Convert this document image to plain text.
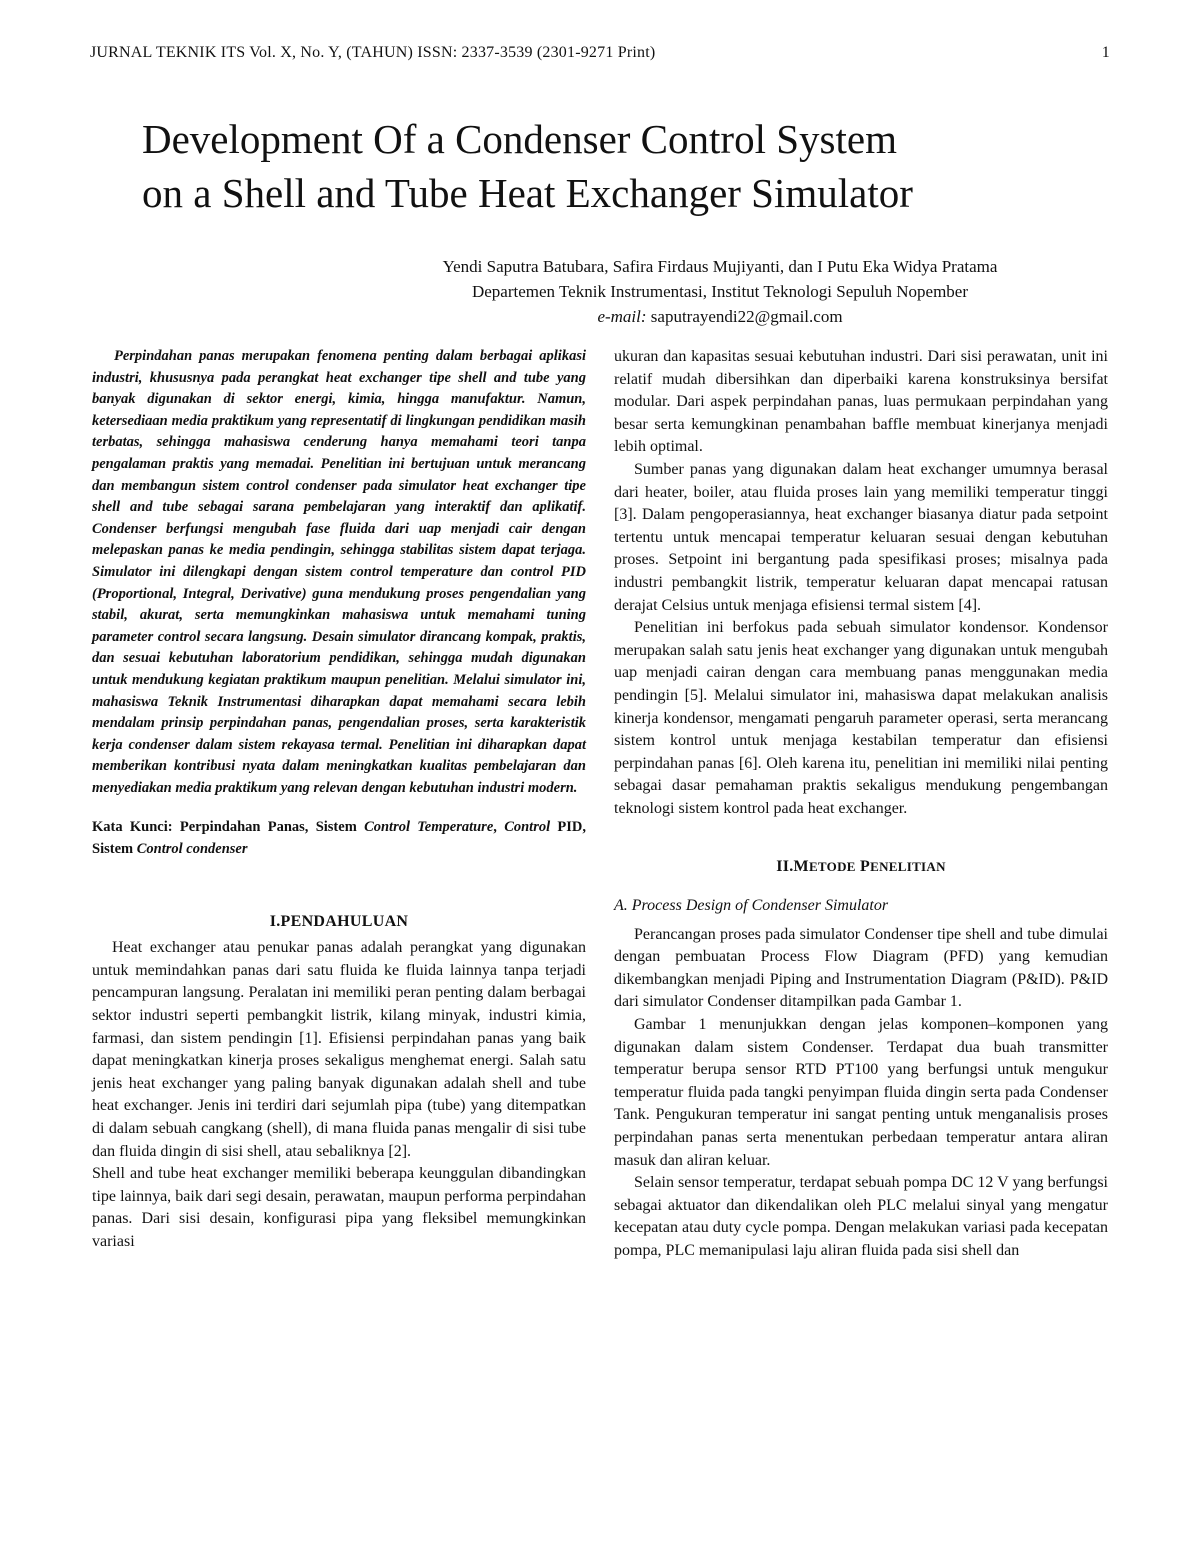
JURNAL TEKNIK ITS Vol. X, No. Y, (TAHUN) ISSN: 2337-3539 (2301-9271 Print)	1
Development Of a Condenser Control System
on a Shell and Tube Heat Exchanger Simulator
Yendi Saputra Batubara, Safira Firdaus Mujiyanti, dan I Putu Eka Widya Pratama
Departemen Teknik Instrumentasi, Institut Teknologi Sepuluh Nopember
e-mail: saputrayendi22@gmail.com

Perpindahan panas merupakan fenomena penting dalam berbagai aplikasi industri, khususnya pada perangkat heat exchanger tipe shell and tube yang banyak digunakan di sektor energi, kimia, hingga manufaktur. Namun, ketersediaan media praktikum yang representatif di lingkungan pendidikan masih terbatas, sehingga mahasiswa cenderung hanya memahami teori tanpa pengalaman praktis yang memadai. Penelitian ini bertujuan untuk merancang dan membangun sistem control condenser pada simulator heat exchanger tipe shell and tube sebagai sarana pembelajaran yang interaktif dan aplikatif. Condenser berfungsi mengubah fase fluida dari uap menjadi cair dengan melepaskan panas ke media pendingin, sehingga stabilitas sistem dapat terjaga. Simulator ini dilengkapi dengan sistem control temperature dan control PID (Proportional, Integral, Derivative) guna mendukung proses pengendalian yang stabil, akurat, serta memungkinkan mahasiswa untuk memahami tuning parameter control secara langsung. Desain simulator dirancang kompak, praktis, dan sesuai kebutuhan laboratorium pendidikan, sehingga mudah digunakan untuk mendukung kegiatan praktikum maupun penelitian. Melalui simulator ini, mahasiswa Teknik Instrumentasi diharapkan dapat memahami secara lebih mendalam prinsip perpindahan panas, pengendalian proses, serta karakteristik kerja condenser dalam sistem rekayasa termal. Penelitian ini diharapkan dapat memberikan kontribusi nyata dalam meningkatkan kualitas pembelajaran dan menyediakan media praktikum yang relevan dengan kebutuhan industri modern.

Kata Kunci: Perpindahan Panas, Sistem Control Temperature, Control PID, Sistem Control condenser

I.PENDAHULUAN

Heat exchanger atau penukar panas adalah perangkat yang digunakan untuk memindahkan panas dari satu fluida ke fluida lainnya tanpa terjadi pencampuran langsung. Peralatan ini memiliki peran penting dalam berbagai sektor industri seperti pembangkit listrik, kilang minyak, industri kimia, farmasi, dan sistem pendingin [1]. Efisiensi perpindahan panas yang baik dapat meningkatkan kinerja proses sekaligus menghemat energi. Salah satu jenis heat exchanger yang paling banyak digunakan adalah shell and tube heat exchanger. Jenis ini terdiri dari sejumlah pipa (tube) yang ditempatkan di dalam sebuah cangkang (shell), di mana fluida panas mengalir di sisi tube dan fluida dingin di sisi shell, atau sebaliknya [2].

Shell and tube heat exchanger memiliki beberapa keunggulan dibandingkan tipe lainnya, baik dari segi desain, perawatan, maupun performa perpindahan panas. Dari sisi desain, konfigurasi pipa yang fleksibel memungkinkan variasi

ukuran dan kapasitas sesuai kebutuhan industri. Dari sisi perawatan, unit ini relatif mudah dibersihkan dan diperbaiki karena konstruksinya bersifat modular. Dari aspek perpindahan panas, luas permukaan perpindahan yang besar serta kemungkinan penambahan baffle membuat kinerjanya menjadi lebih optimal.

Sumber panas yang digunakan dalam heat exchanger umumnya berasal dari heater, boiler, atau fluida proses lain yang memiliki temperatur tinggi [3]. Dalam pengoperasiannya, heat exchanger biasanya diatur pada setpoint tertentu untuk mencapai temperatur keluaran sesuai dengan kebutuhan proses. Setpoint ini bergantung pada spesifikasi proses; misalnya pada industri pembangkit listrik, temperatur keluaran dapat mencapai ratusan derajat Celsius untuk menjaga efisiensi termal sistem [4].

Penelitian ini berfokus pada sebuah simulator kondensor. Kondensor merupakan salah satu jenis heat exchanger yang digunakan untuk mengubah uap menjadi cairan dengan cara membuang panas menggunakan media pendingin [5]. Melalui simulator ini, mahasiswa dapat melakukan analisis kinerja kondensor, mengamati pengaruh parameter operasi, serta merancang sistem kontrol untuk menjaga kestabilan temperatur dan efisiensi perpindahan panas [6]. Oleh karena itu, penelitian ini memiliki nilai penting sebagai dasar pemahaman praktis sekaligus mendukung pengembangan teknologi sistem kontrol pada heat exchanger.

II.METODE PENELITIAN

A. Process Design of Condenser Simulator

Perancangan proses pada simulator Condenser tipe shell and tube dimulai dengan pembuatan Process Flow Diagram (PFD) yang kemudian dikembangkan menjadi Piping and Instrumentation Diagram (P&ID). P&ID dari simulator Condenser ditampilkan pada Gambar 1.

Gambar 1 menunjukkan dengan jelas komponen–komponen yang digunakan dalam sistem Condenser. Terdapat dua buah transmitter temperatur berupa sensor RTD PT100 yang berfungsi untuk mengukur temperatur fluida pada tangki penyimpan fluida dingin serta pada Condenser Tank. Pengukuran temperatur ini sangat penting untuk menganalisis proses perpindahan panas serta menentukan perbedaan temperatur antara aliran masuk dan aliran keluar.

Selain sensor temperatur, terdapat sebuah pompa DC 12 V yang berfungsi sebagai aktuator dan dikendalikan oleh PLC melalui sinyal yang mengatur kecepatan atau duty cycle pompa. Dengan melakukan variasi pada kecepatan pompa, PLC memanipulasi laju aliran fluida pada sisi shell dan
